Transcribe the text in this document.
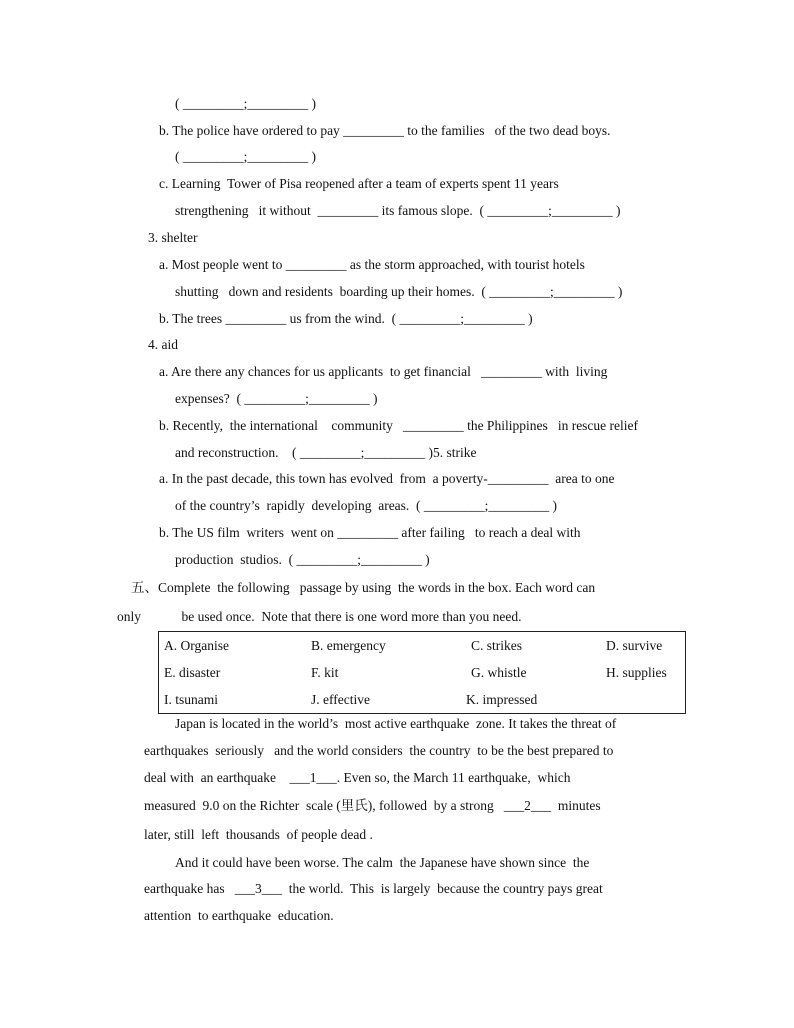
( _________;_________ )
b. The police have ordered to pay _________ to the families   of the two dead boys.
( _________;_________ )
c. Learning  Tower of Pisa reopened after a team of experts spent 11 years
strengthening   it without  _________ its famous slope.  ( _________;_________ )
3. shelter
a. Most people went to _________ as the storm approached, with tourist hotels
shutting   down and residents  boarding up their homes.  ( _________;_________ )
b. The trees _________ us from the wind.  ( _________;_________ )
4. aid
a. Are there any chances for us applicants  to get financial   _________ with  living
expenses?  ( _________;_________ )
b. Recently,  the international    community   _________ the Philippines   in rescue relief
and reconstruction.    ( _________;_________ )5. strike
a. In the past decade, this town has evolved  from  a poverty-_________  area to one
of the country’s  rapidly  developing  areas.  ( _________;_________ )
b. The US film  writers  went on _________ after failing   to reach a deal with
production  studios.  ( _________;_________ )
五、Complete  the following   passage by using  the words in the box. Each word can
only            be used once.  Note that there is one word more than you need.
A. Organise	B. emergency	C. strikes	D. survive
E. disaster	F. kit	G. whistle	H. supplies
I. tsunami	J. effective	K. impressed	
Japan is located in the world’s  most active earthquake  zone. It takes the threat of
earthquakes  seriously   and the world considers  the country  to be the best prepared to
deal with  an earthquake    ___1___. Even so, the March 11 earthquake,  which
measured  9.0 on the Richter  scale (里氏), followed  by a strong   ___2___  minutes
later, still  left  thousands  of people dead .
And it could have been worse. The calm  the Japanese have shown since  the
earthquake has   ___3___  the world.  This  is largely  because the country pays great
attention  to earthquake  education.
